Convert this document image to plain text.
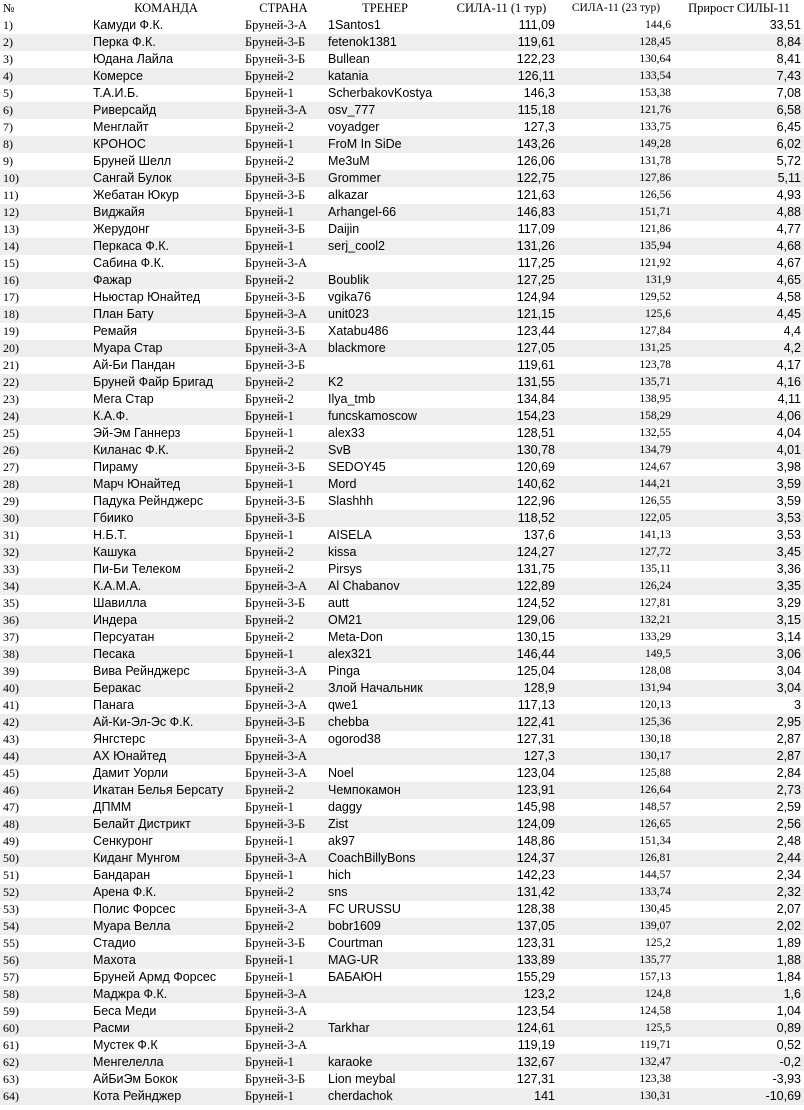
№	КОМАНДА	СТРАНА	ТРЕНЕР	СИЛА-11 (1 тур)	СИЛА-11 (23 тур)	Прирост СИЛЫ-11
1)	Камуди Ф.К.	Бруней-3-А	1Santos1	111,09	144,6	33,51
2)	Перка Ф.К.	Бруней-3-Б	fetenok1381	119,61	128,45	8,84
3)	Юдана Лайла	Бруней-3-Б	Bullean	122,23	130,64	8,41
4)	Комерсе	Бруней-2	katania	126,11	133,54	7,43
5)	Т.А.И.Б.	Бруней-1	ScherbakovKostya	146,3	153,38	7,08
6)	Риверсайд	Бруней-3-А	osv_777	115,18	121,76	6,58
7)	Менглайт	Бруней-2	voyadger	127,3	133,75	6,45
8)	КРОНОС	Бруней-1	FroM In SiDe	143,26	149,28	6,02
9)	Бруней Шелл	Бруней-2	Me3uM	126,06	131,78	5,72
10)	Сангай Булок	Бруней-3-Б	Grommer	122,75	127,86	5,11
11)	Жебатан Юкур	Бруней-3-Б	alkazar	121,63	126,56	4,93
12)	Виджайя	Бруней-1	Arhangel-66	146,83	151,71	4,88
13)	Жерудонг	Бруней-3-Б	Daijin	117,09	121,86	4,77
14)	Перкаса Ф.К.	Бруней-1	serj_cool2	131,26	135,94	4,68
15)	Сабина Ф.К.	Бруней-3-А		117,25	121,92	4,67
16)	Фажар	Бруней-2	Boublik	127,25	131,9	4,65
17)	Ньюстар Юнайтед	Бруней-3-Б	vgika76	124,94	129,52	4,58
18)	План Бату	Бруней-3-А	unit023	121,15	125,6	4,45
19)	Ремайя	Бруней-3-Б	Xatabu486	123,44	127,84	4,4
20)	Муара Стар	Бруней-3-А	blackmore	127,05	131,25	4,2
21)	Ай-Би Пандан	Бруней-3-Б		119,61	123,78	4,17
22)	Бруней Файр Бригад	Бруней-2	K2	131,55	135,71	4,16
23)	Мега Стар	Бруней-2	Ilya_tmb	134,84	138,95	4,11
24)	К.А.Ф.	Бруней-1	funcskamoscow	154,23	158,29	4,06
25)	Эй-Эм Ганнерз	Бруней-1	alex33	128,51	132,55	4,04
26)	Киланас Ф.К.	Бруней-2	SvB	130,78	134,79	4,01
27)	Пираму	Бруней-3-Б	SEDOY45	120,69	124,67	3,98
28)	Марч Юнайтед	Бруней-1	Mord	140,62	144,21	3,59
29)	Падука Рейнджерс	Бруней-3-Б	Slashhh	122,96	126,55	3,59
30)	Гбиико	Бруней-3-Б		118,52	122,05	3,53
31)	Н.Б.Т.	Бруней-1	AISELA	137,6	141,13	3,53
32)	Кашука	Бруней-2	kissa	124,27	127,72	3,45
33)	Пи-Би Телеком	Бруней-2	Pirsys	131,75	135,11	3,36
34)	К.А.М.А.	Бруней-3-А	Al Chabanov	122,89	126,24	3,35
35)	Шавилла	Бруней-3-Б	autt	124,52	127,81	3,29
36)	Индера	Бруней-2	OM21	129,06	132,21	3,15
37)	Персуатан	Бруней-2	Meta-Don	130,15	133,29	3,14
38)	Песака	Бруней-1	alex321	146,44	149,5	3,06
39)	Вива Рейнджерс	Бруней-3-А	Pinga	125,04	128,08	3,04
40)	Беракас	Бруней-2	Злой Начальник	128,9	131,94	3,04
41)	Панага	Бруней-3-А	qwe1	117,13	120,13	3
42)	Ай-Ки-Эл-Эс Ф.К.	Бруней-3-Б	chebba	122,41	125,36	2,95
43)	Янгстерс	Бруней-3-А	ogorod38	127,31	130,18	2,87
44)	АХ Юнайтед	Бруней-3-А		127,3	130,17	2,87
45)	Дамит Уорли	Бруней-3-А	Noel	123,04	125,88	2,84
46)	Икатан Белья Берсату	Бруней-2	Чемпокамон	123,91	126,64	2,73
47)	ДПММ	Бруней-1	daggy	145,98	148,57	2,59
48)	Белайт Дистрикт	Бруней-3-Б	Zist	124,09	126,65	2,56
49)	Сенкуронг	Бруней-1	ak97	148,86	151,34	2,48
50)	Киданг Мунгом	Бруней-3-А	CoachBillyBons	124,37	126,81	2,44
51)	Бандаран	Бруней-1	hich	142,23	144,57	2,34
52)	Арена Ф.К.	Бруней-2	sns	131,42	133,74	2,32
53)	Полис Форсес	Бруней-3-А	FC URUSSU	128,38	130,45	2,07
54)	Муара Велла	Бруней-2	bobr1609	137,05	139,07	2,02
55)	Стадио	Бруней-3-Б	Courtman	123,31	125,2	1,89
56)	Махота	Бруней-1	MAG-UR	133,89	135,77	1,88
57)	Бруней Армд Форсес	Бруней-1	БАБАЮН	155,29	157,13	1,84
58)	Маджра Ф.К.	Бруней-3-А		123,2	124,8	1,6
59)	Беса Меди	Бруней-3-А		123,54	124,58	1,04
60)	Расми	Бруней-2	Tarkhar	124,61	125,5	0,89
61)	Мустек Ф.К	Бруней-3-А		119,19	119,71	0,52
62)	Менгелелла	Бруней-1	karaoke	132,67	132,47	-0,2
63)	АйБиЭм Бокок	Бруней-3-Б	Lion meybal	127,31	123,38	-3,93
64)	Кота Рейнджер	Бруней-1	cherdachok	141	130,31	-10,69
